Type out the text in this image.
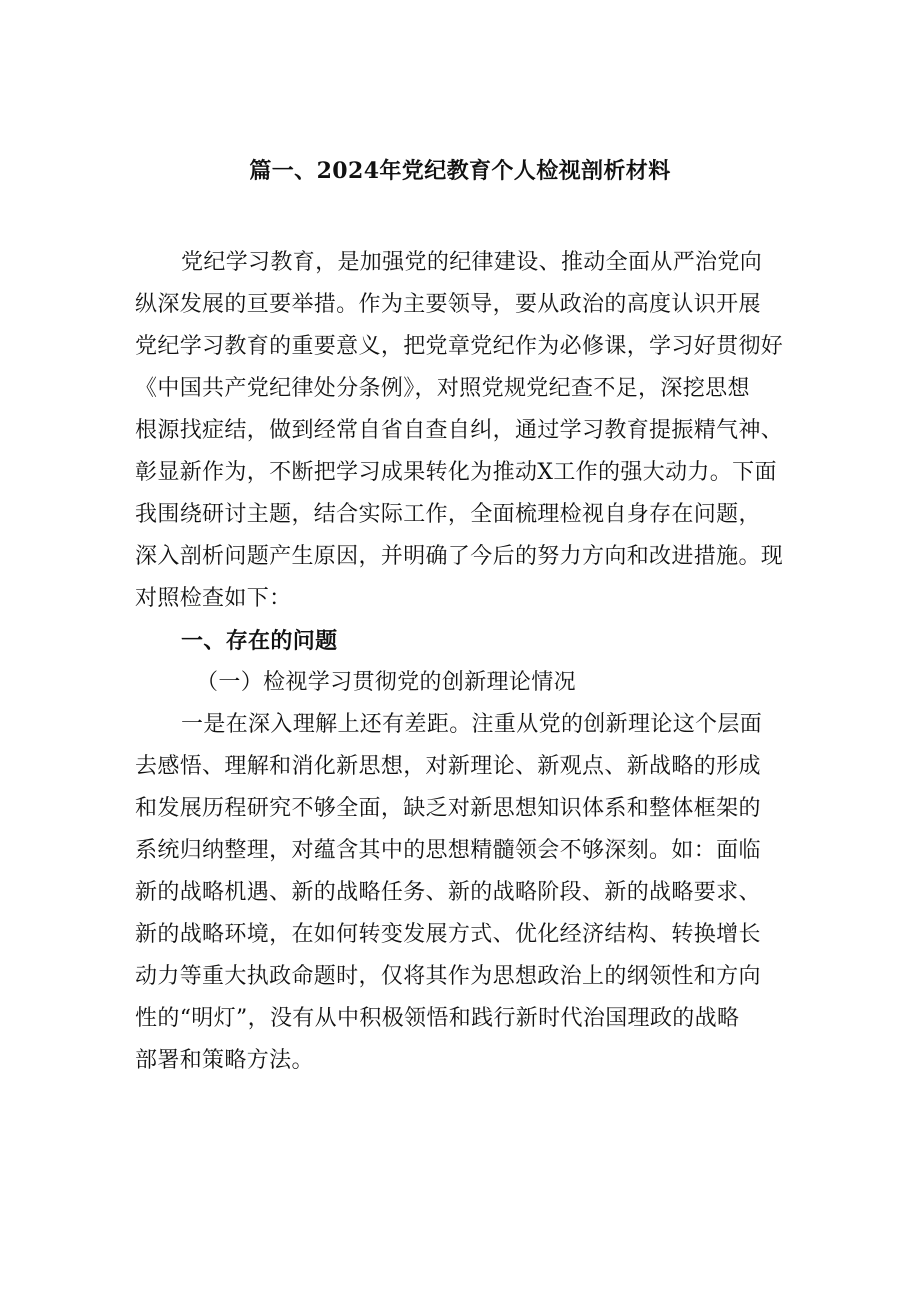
篇一、2024年党纪教育个人检视剖析材料
党纪学习教育，是加强党的纪律建设、推动全面从严治党向
纵深发展的亘要举措。作为主要领导，要从政治的高度认识开展
党纪学习教育的重要意义，把党章党纪作为必修课，学习好贯彻好
《中国共产党纪律处分条例》，对照党规党纪查不足，深挖思想
根源找症结，做到经常自省自查自纠，通过学习教育提振精气神、
彰显新作为，不断把学习成果转化为推动X工作的强大动力。下面
我围绕研讨主题，结合实际工作，全面梳理检视自身存在问题，
深入剖析问题产生原因，并明确了今后的努力方向和改进措施。现
对照检查如下：
一、存在的问题
（一）检视学习贯彻党的创新理论情况
一是在深入理解上还有差距。注重从党的创新理论这个层面
去感悟、理解和消化新思想，对新理论、新观点、新战略的形成
和发展历程研究不够全面，缺乏对新思想知识体系和整体框架的
系统归纳整理，对蕴含其中的思想精髓领会不够深刻。如：面临
新的战略机遇、新的战略任务、新的战略阶段、新的战略要求、
新的战略环境，在如何转变发展方式、优化经济结构、转换增长
动力等重大执政命题时，仅将其作为思想政治上的纲领性和方向
性的“明灯”，没有从中积极领悟和践行新时代治国理政的战略
部署和策略方法。
